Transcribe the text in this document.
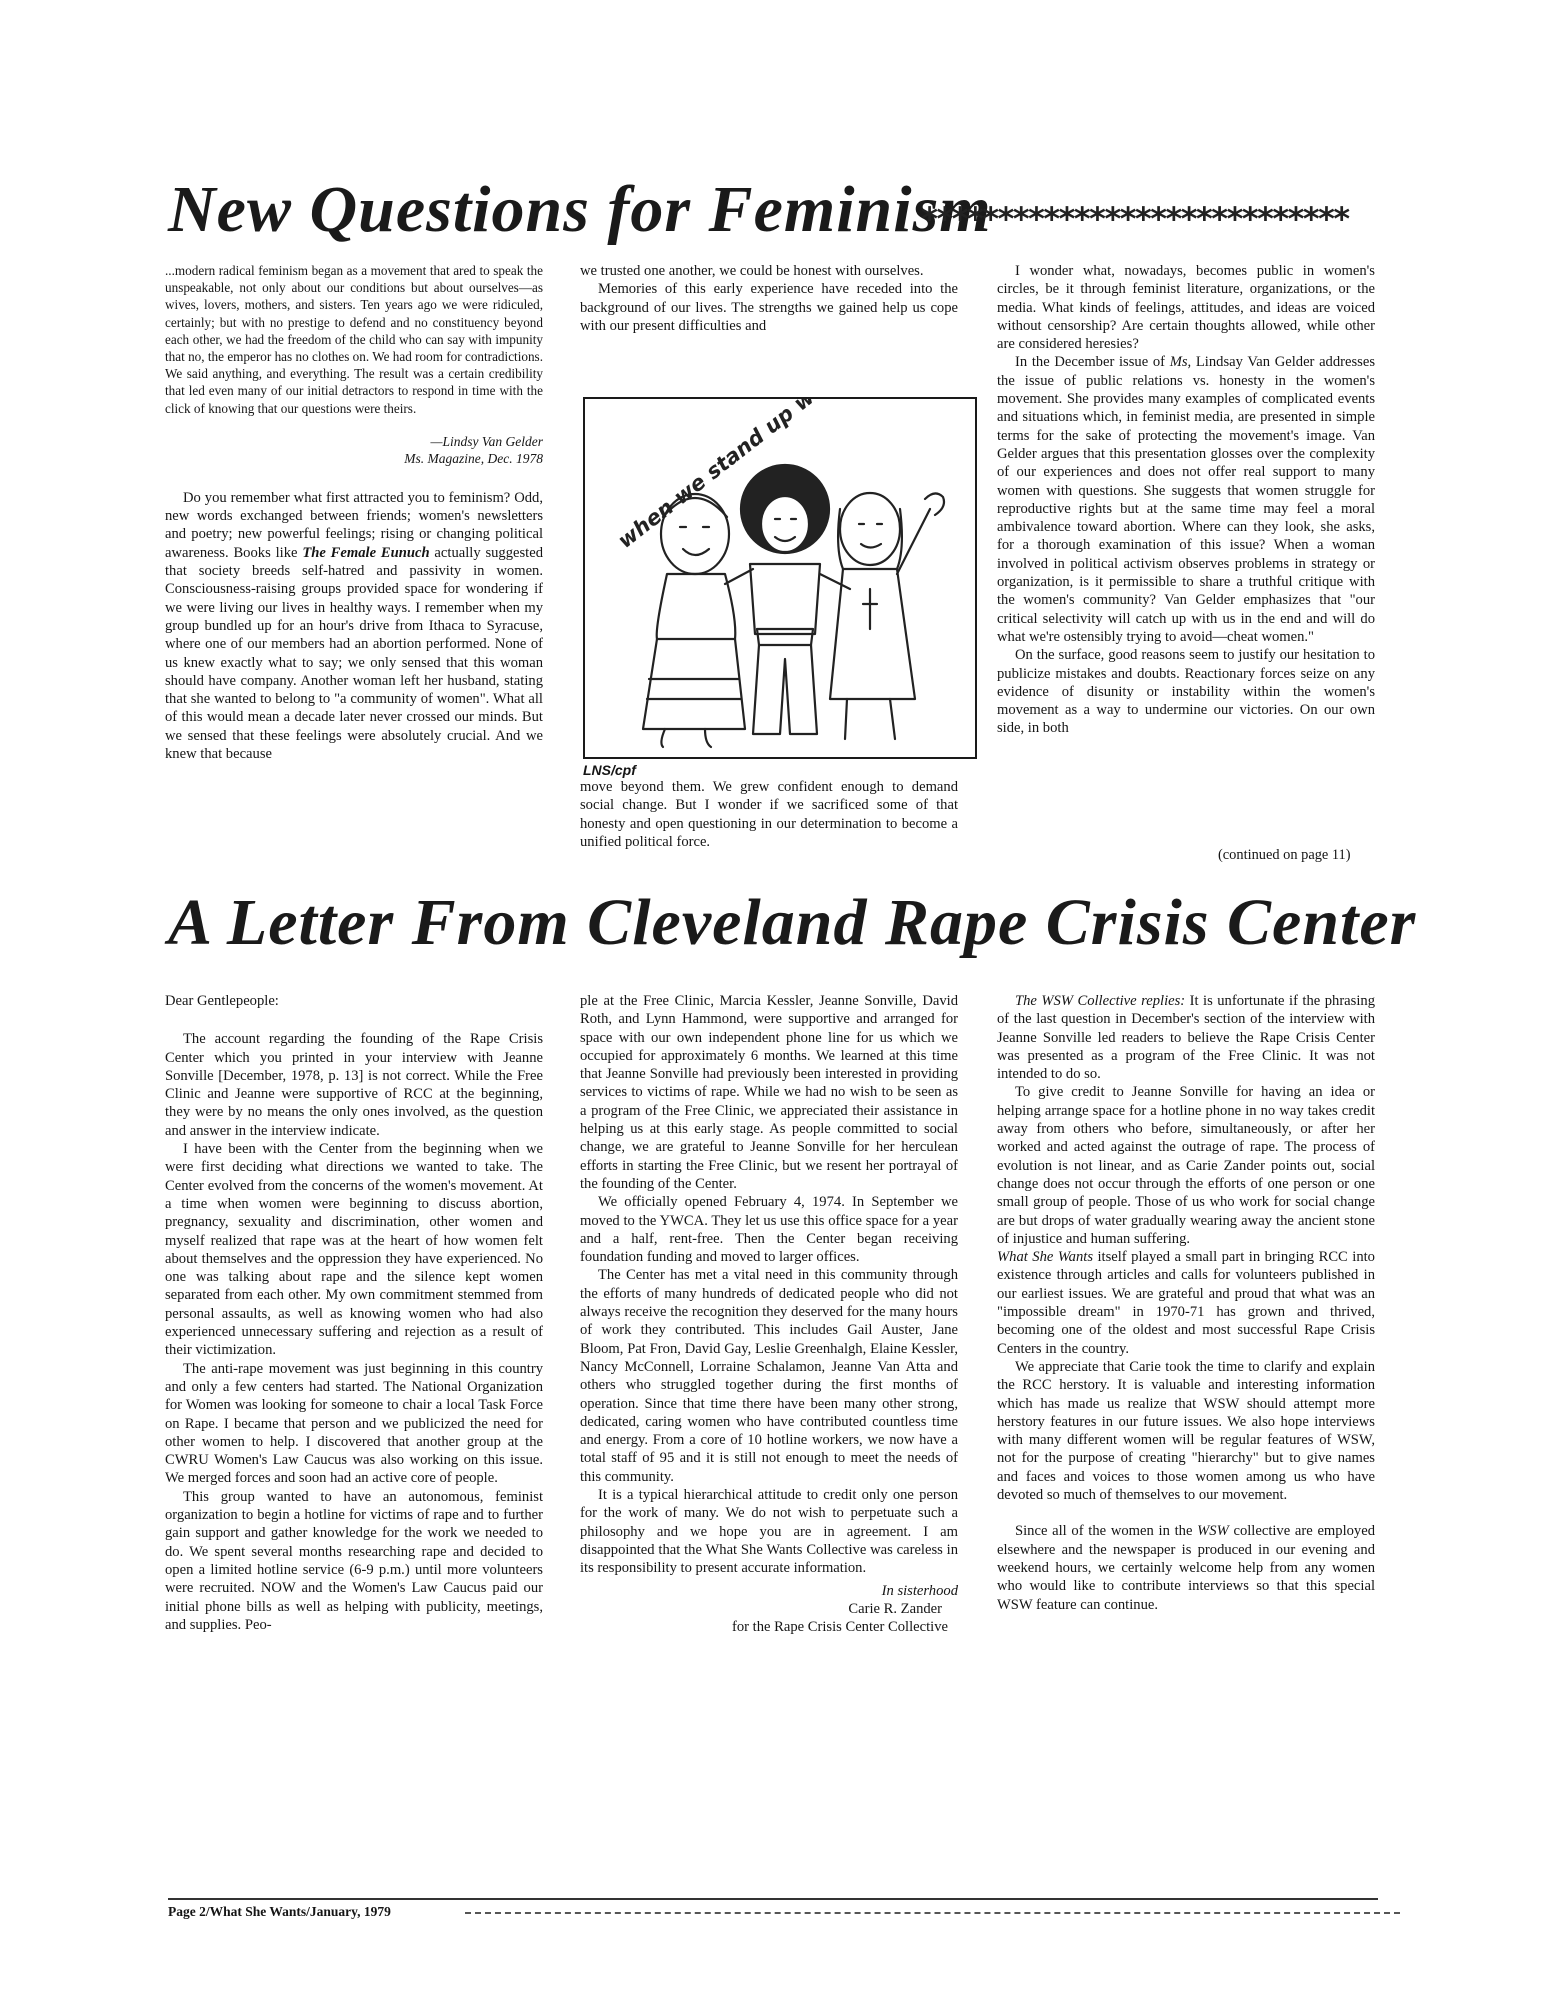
New Questions for Feminism
****************************

...modern radical feminism began as a movement that ared to speak the unspeakable, not only about our conditions but about ourselves—as wives, lovers, mothers, and sisters. Ten years ago we were ridiculed, certainly; but with no prestige to defend and no constituency beyond each other, we had the freedom of the child who can say with impunity that no, the emperor has no clothes on. We had room for contradictions. We said anything, and everything. The result was a certain credibility that led even many of our initial detractors to respond in time with the click of knowing that our questions were theirs.

—Lindsy Van Gelder
Ms. Magazine, Dec. 1978

Do you remember what first attracted you to feminism? Odd, new words exchanged between friends; women's newsletters and poetry; new powerful feelings; rising or changing political awareness. Books like The Female Eunuch actually suggested that society breeds self-hatred and passivity in women. Consciousness-raising groups provided space for wondering if we were living our lives in healthy ways. I remember when my group bundled up for an hour's drive from Ithaca to Syracuse, where one of our members had an abortion performed. None of us knew exactly what to say; we only sensed that this woman should have company. Another woman left her husband, stating that she wanted to belong to "a community of women". What all of this would mean a decade later never crossed our minds. But we sensed that these feelings were absolutely crucial. And we knew that because

we trusted one another, we could be honest with ourselves.

Memories of this early experience have receded into the background of our lives. The strengths we gained help us cope with our present difficulties and

LNS/cpf

move beyond them. We grew confident enough to demand social change. But I wonder if we sacrificed some of that honesty and open questioning in our determination to become a unified political force.

I wonder what, nowadays, becomes public in women's circles, be it through feminist literature, organizations, or the media. What kinds of feelings, attitudes, and ideas are voiced without censorship? Are certain thoughts allowed, while other are considered heresies?

In the December issue of Ms, Lindsay Van Gelder addresses the issue of public relations vs. honesty in the women's movement. She provides many examples of complicated events and situations which, in feminist media, are presented in simple terms for the sake of protecting the movement's image. Van Gelder argues that this presentation glosses over the complexity of our experiences and does not offer real support to many women with questions. She suggests that women struggle for reproductive rights but at the same time may feel a moral ambivalence toward abortion. Where can they look, she asks, for a thorough examination of this issue? When a woman involved in political activism observes problems in strategy or organization, is it permissible to share a truthful critique with the women's community? Van Gelder emphasizes that "our critical selectivity will catch up with us in the end and will do what we're ostensibly trying to avoid—cheat women."

On the surface, good reasons seem to justify our hesitation to publicize mistakes and doubts. Reactionary forces seize on any evidence of disunity or instability within the women's movement as a way to undermine our victories. On our own side, in both

(continued on page 11)
A Letter From Cleveland Rape Crisis Center

Dear Gentlepeople:

The account regarding the founding of the Rape Crisis Center which you printed in your interview with Jeanne Sonville [December, 1978, p. 13] is not correct. While the Free Clinic and Jeanne were supportive of RCC at the beginning, they were by no means the only ones involved, as the question and answer in the interview indicate.

I have been with the Center from the beginning when we were first deciding what directions we wanted to take. The Center evolved from the concerns of the women's movement. At a time when women were beginning to discuss abortion, pregnancy, sexuality and discrimination, other women and myself realized that rape was at the heart of how women felt about themselves and the oppression they have experienced. No one was talking about rape and the silence kept women separated from each other. My own commitment stemmed from personal assaults, as well as knowing women who had also experienced unnecessary suffering and rejection as a result of their victimization.

The anti-rape movement was just beginning in this country and only a few centers had started. The National Organization for Women was looking for someone to chair a local Task Force on Rape. I became that person and we publicized the need for other women to help. I discovered that another group at the CWRU Women's Law Caucus was also working on this issue. We merged forces and soon had an active core of people.

This group wanted to have an autonomous, feminist organization to begin a hotline for victims of rape and to further gain support and gather knowledge for the work we needed to do. We spent several months researching rape and decided to open a limited hotline service (6-9 p.m.) until more volunteers were recruited. NOW and the Women's Law Caucus paid our initial phone bills as well as helping with publicity, meetings, and supplies. Peo-

ple at the Free Clinic, Marcia Kessler, Jeanne Sonville, David Roth, and Lynn Hammond, were supportive and arranged for space with our own independent phone line for us which we occupied for approximately 6 months. We learned at this time that Jeanne Sonville had previously been interested in providing services to victims of rape. While we had no wish to be seen as a program of the Free Clinic, we appreciated their assistance in helping us at this early stage. As people committed to social change, we are grateful to Jeanne Sonville for her herculean efforts in starting the Free Clinic, but we resent her portrayal of the founding of the Center.

We officially opened February 4, 1974. In September we moved to the YWCA. They let us use this office space for a year and a half, rent-free. Then the Center began receiving foundation funding and moved to larger offices.

The Center has met a vital need in this community through the efforts of many hundreds of dedicated people who did not always receive the recognition they deserved for the many hours of work they contributed. This includes Gail Auster, Jane Bloom, Pat Fron, David Gay, Leslie Greenhalgh, Elaine Kessler, Nancy McConnell, Lorraine Schalamon, Jeanne Van Atta and others who struggled together during the first months of operation. Since that time there have been many other strong, dedicated, caring women who have contributed countless time and energy. From a core of 10 hotline workers, we now have a total staff of 95 and it is still not enough to meet the needs of this community.

It is a typical hierarchical attitude to credit only one person for the work of many. We do not wish to perpetuate such a philosophy and we hope you are in agreement. I am disappointed that the What She Wants Collective was careless in its responsibility to present accurate information.

In sisterhood

Carie R. Zander

for the Rape Crisis Center Collective

The WSW Collective replies: It is unfortunate if the phrasing of the last question in December's section of the interview with Jeanne Sonville led readers to believe the Rape Crisis Center was presented as a program of the Free Clinic. It was not intended to do so.

To give credit to Jeanne Sonville for having an idea or helping arrange space for a hotline phone in no way takes credit away from others who before, simultaneously, or after her worked and acted against the outrage of rape. The process of evolution is not linear, and as Carie Zander points out, social change does not occur through the efforts of one person or one small group of people. Those of us who work for social change are but drops of water gradually wearing away the ancient stone of injustice and human suffering.

What She Wants itself played a small part in bringing RCC into existence through articles and calls for volunteers published in our earliest issues. We are grateful and proud that what was an "impossible dream" in 1970-71 has grown and thrived, becoming one of the oldest and most successful Rape Crisis Centers in the country.

We appreciate that Carie took the time to clarify and explain the RCC herstory. It is valuable and interesting information which has made us realize that WSW should attempt more herstory features in our future issues. We also hope interviews with many different women will be regular features of WSW, not for the purpose of creating "hierarchy" but to give names and faces and voices to those women among us who have devoted so much of themselves to our movement.

Since all of the women in the WSW collective are employed elsewhere and the newspaper is produced in our evening and weekend hours, we certainly welcome help from any women who would like to contribute interviews so that this special WSW feature can continue.

Page 2/What She Wants/January, 1979
